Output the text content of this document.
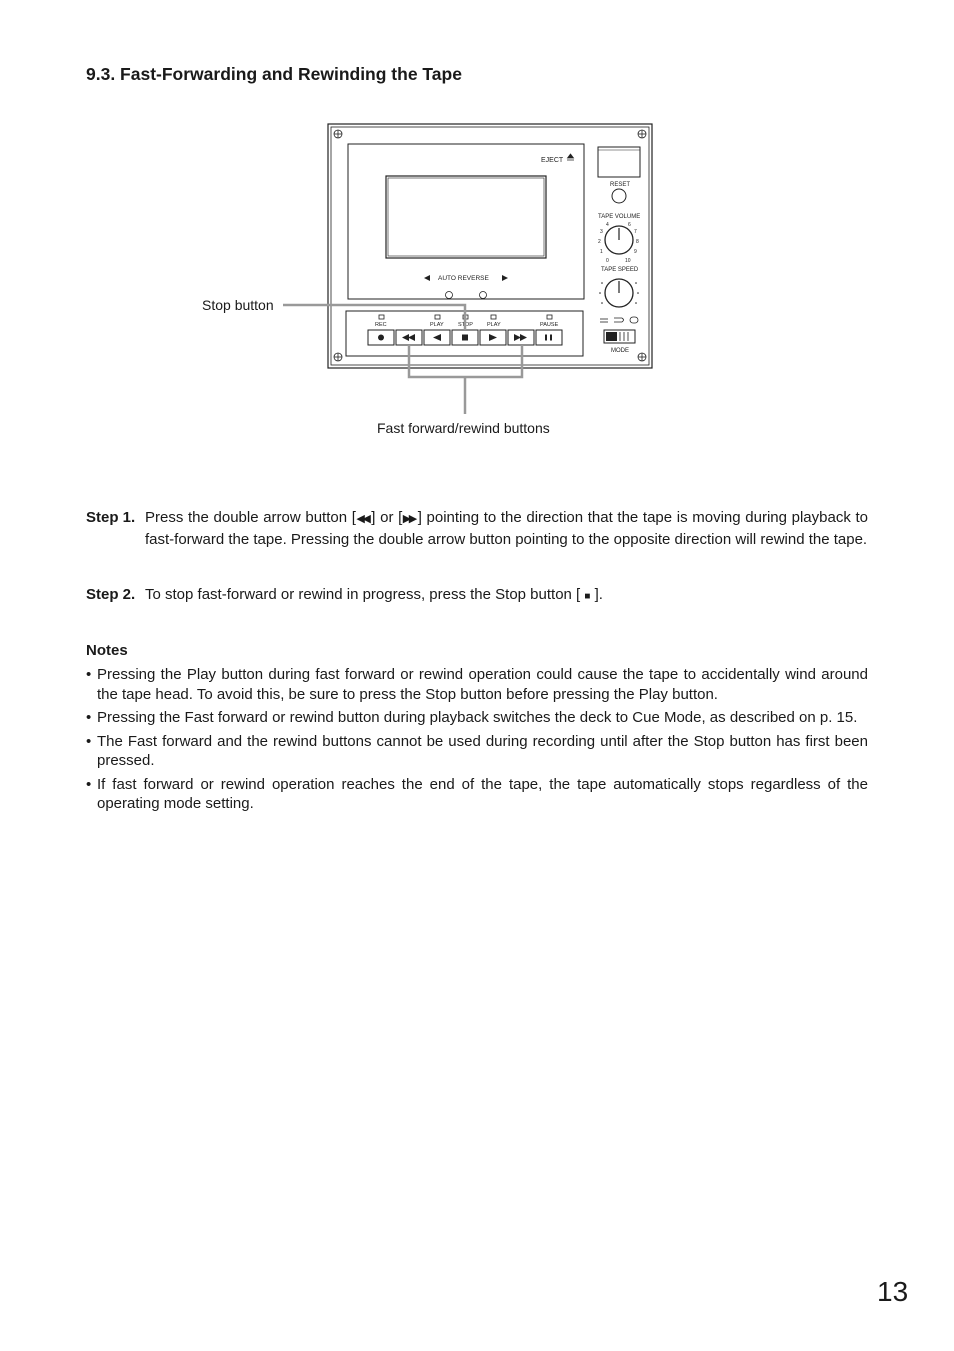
9.3. Fast-Forwarding and Rewinding the Tape
EJECT
AUTO REVERSE
RESET
TAPE VOLUME
0
1
2
3
4	6
7
8
9
10
TAPE SPEED
MODE
REC	PLAY	STOP	PLAY	PAUSE
Stop button
Fast forward/rewind buttons
Step 1. Press the double arrow button [◀◀ ] or [▶▶ ] pointing to the direction that the tape is moving during playback to fast-forward the tape. Pressing the double arrow button pointing to the opposite direction will rewind the tape.
Step 2. To stop fast-forward or rewind in progress, press the Stop button [ ■ ].
Notes
• Pressing the Play button during fast forward or rewind operation could cause the tape to accidentally wind around the tape head. To avoid this, be sure to press the Stop button before pressing the Play button.
• Pressing the Fast forward or rewind button during playback switches the deck to Cue Mode, as described on p. 15.
• The Fast forward and the rewind buttons cannot be used during recording until after the Stop button has first been pressed.
• If fast forward or rewind operation reaches the end of the tape, the tape automatically stops regardless of the operating mode setting.
13
